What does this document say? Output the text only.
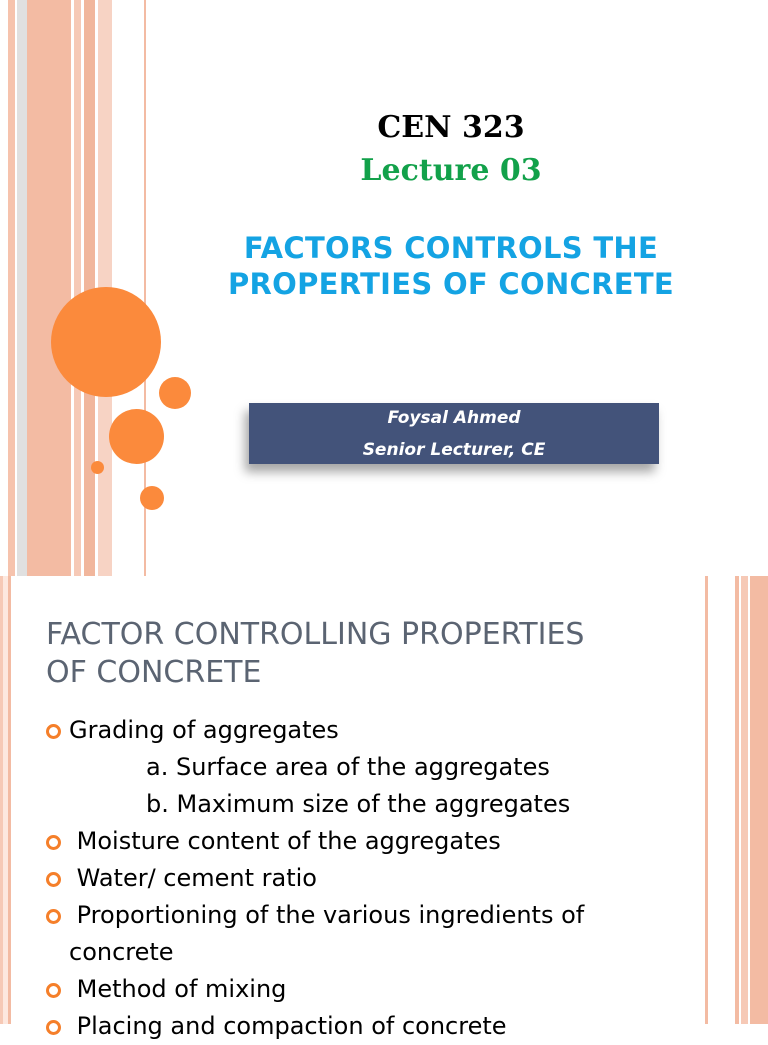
CEN 323
Lecture 03
FACTORS CONTROLS THE
PROPERTIES OF CONCRETE
Foysal Ahmed
Senior Lecturer, CE
FACTOR CONTROLLING PROPERTIES
OF CONCRETE
Grading of aggregates
a. Surface area of the aggregates
b. Maximum size of the aggregates
Moisture content of the aggregates
Water/ cement ratio
Proportioning of the various ingredients of
concrete
Method of mixing
Placing and compaction of concrete
